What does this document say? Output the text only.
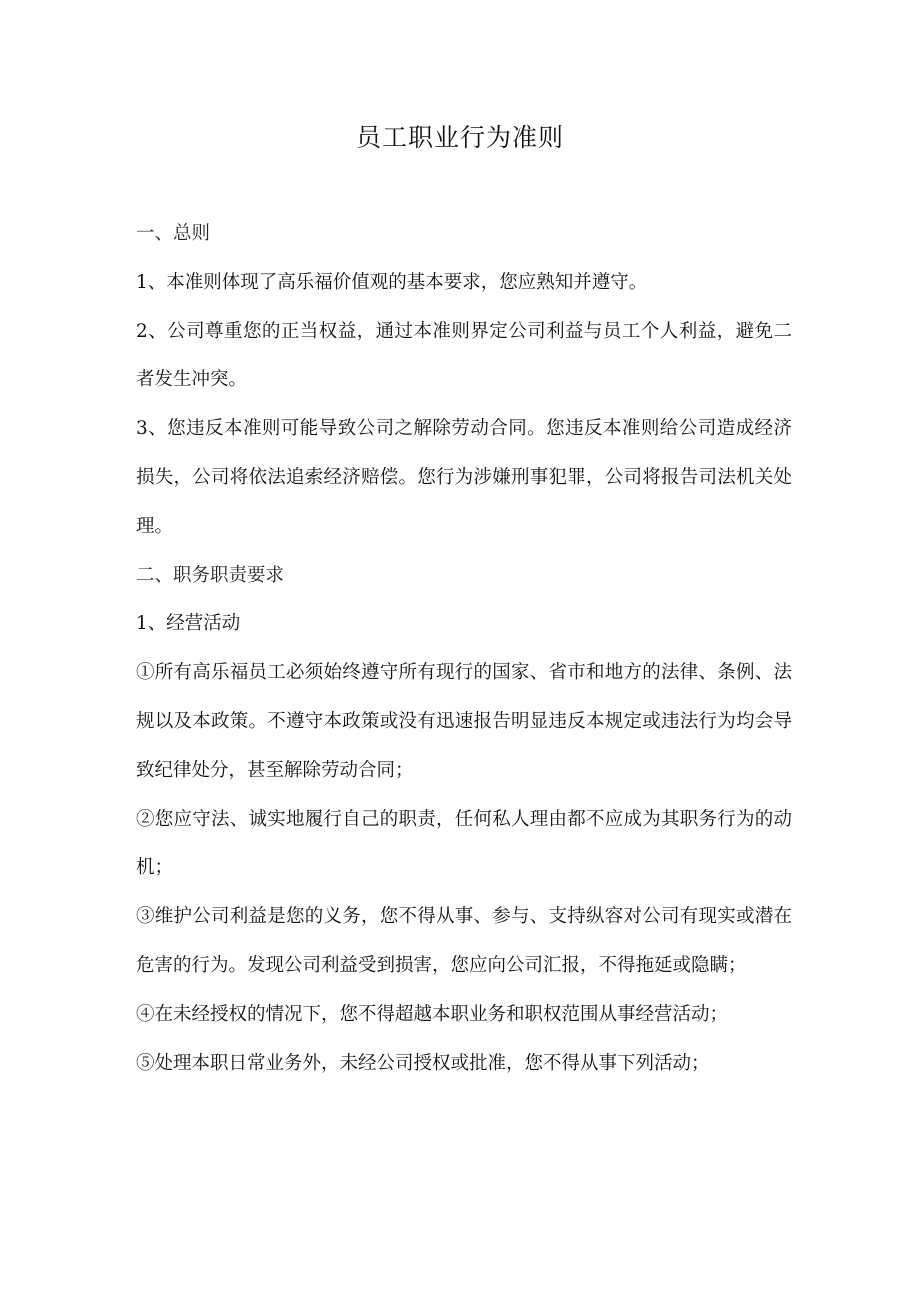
员工职业行为准则

一、总则

1、本准则体现了高乐福价值观的基本要求，您应熟知并遵守。

2、公司尊重您的正当权益，通过本准则界定公司利益与员工个人利益，避免二者发生冲突。

3、您违反本准则可能导致公司之解除劳动合同。您违反本准则给公司造成经济损失，公司将依法追索经济赔偿。您行为涉嫌刑事犯罪，公司将报告司法机关处理。

二、职务职责要求

1、经营活动

①所有高乐福员工必须始终遵守所有现行的国家、省市和地方的法律、条例、法规以及本政策。不遵守本政策或没有迅速报告明显违反本规定或违法行为均会导致纪律处分，甚至解除劳动合同；

②您应守法、诚实地履行自己的职责，任何私人理由都不应成为其职务行为的动机；

③维护公司利益是您的义务，您不得从事、参与、支持纵容对公司有现实或潜在危害的行为。发现公司利益受到损害，您应向公司汇报，不得拖延或隐瞒；

④在未经授权的情况下，您不得超越本职业务和职权范围从事经营活动；

⑤处理本职日常业务外，未经公司授权或批准，您不得从事下列活动；
